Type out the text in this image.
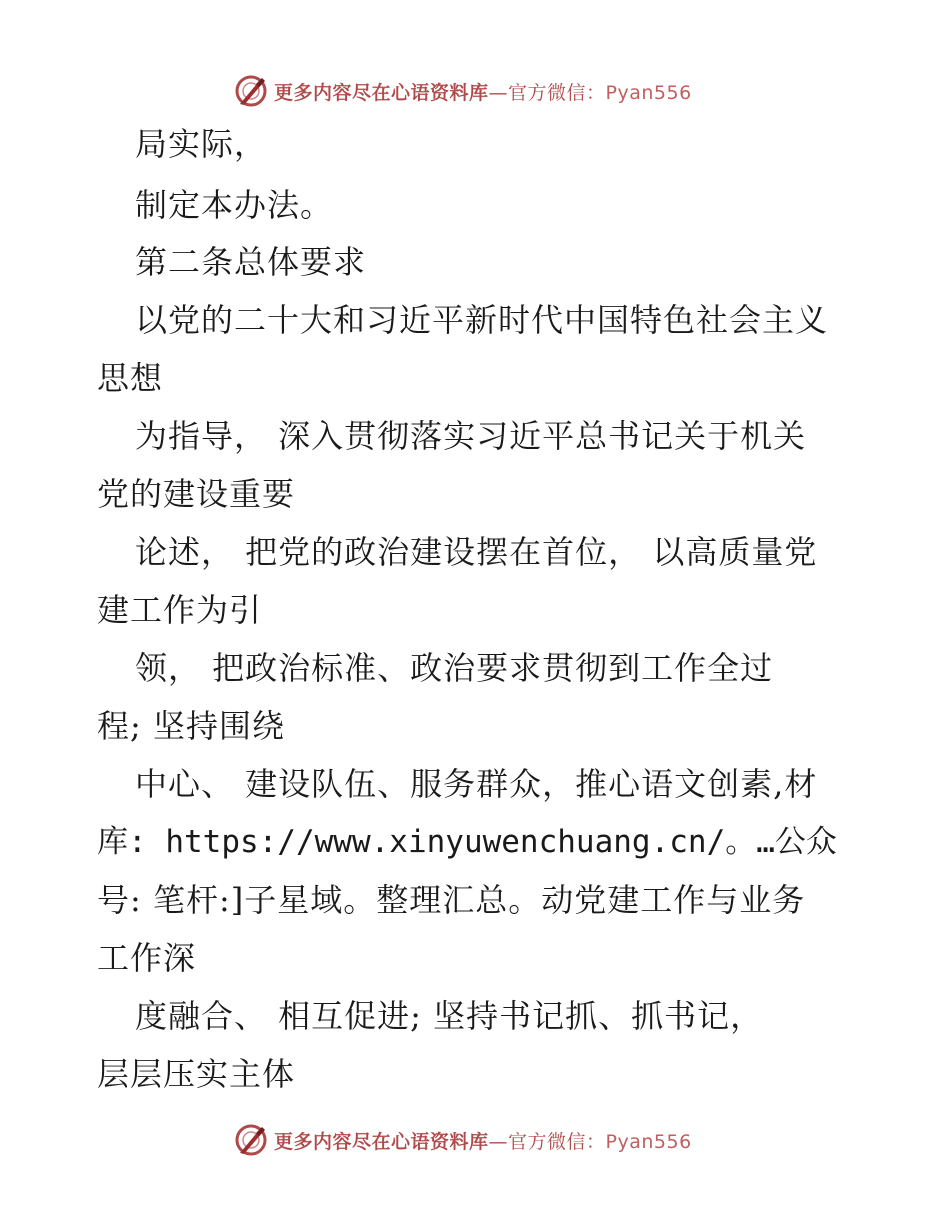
更多内容尽在心语资料库—官方微信：Pyan556
局实际，
制定本办法。
第二条总体要求
以党的二十大和习近平新时代中国特色社会主义
思想
为指导， 深入贯彻落实习近平总书记关于机关
党的建设重要
论述， 把党的政治建设摆在首位， 以高质量党
建工作为引
领， 把政治标准、政治要求贯彻到工作全过
程; 坚持围绕
中心、 建设队伍、服务群众，推心语文创素,材
库: https://www.xinyuwenchuang.cn/。…公众
号: 笔杆:]子星域。整理汇总。动党建工作与业务
工作深
度融合、 相互促进; 坚持书记抓、抓书记，
层层压实主体
更多内容尽在心语资料库—官方微信：Pyan556
